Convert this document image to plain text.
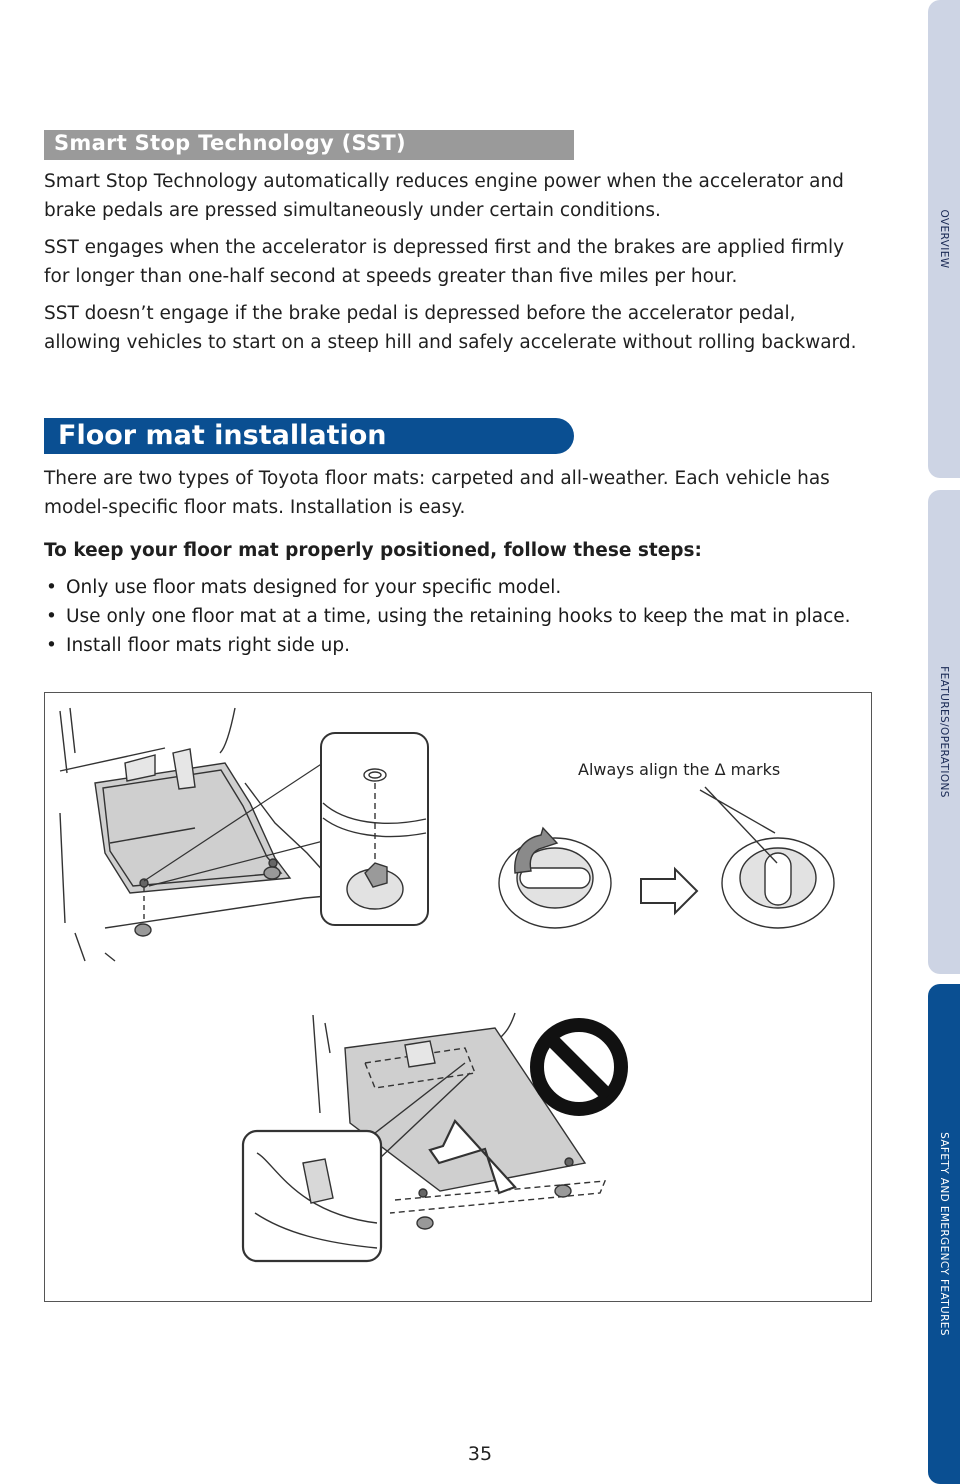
Smart Stop Technology (SST)

Smart Stop Technology automatically reduces engine power when the accelerator and brake pedals are pressed simultaneously under certain conditions.

SST engages when the accelerator is depressed first and the brakes are applied firmly for longer than one-half second at speeds greater than five miles per hour.

SST doesn’t engage if the brake pedal is depressed before the accelerator pedal, allowing vehicles to start on a steep hill and safely accelerate without rolling backward.

Floor mat installation

There are two types of Toyota floor mats: carpeted and all-weather. Each vehicle has model-specific floor mats. Installation is easy.

To keep your floor mat properly positioned, follow these steps:

• Only use floor mats designed for your specific model.
• Use only one floor mat at a time, using the retaining hooks to keep the mat in place.
• Install floor mats right side up.
Always align the Δ marks
OVERVIEW
FEATURES/OPERATIONS
SAFETY AND EMERGENCY FEATURES
35
